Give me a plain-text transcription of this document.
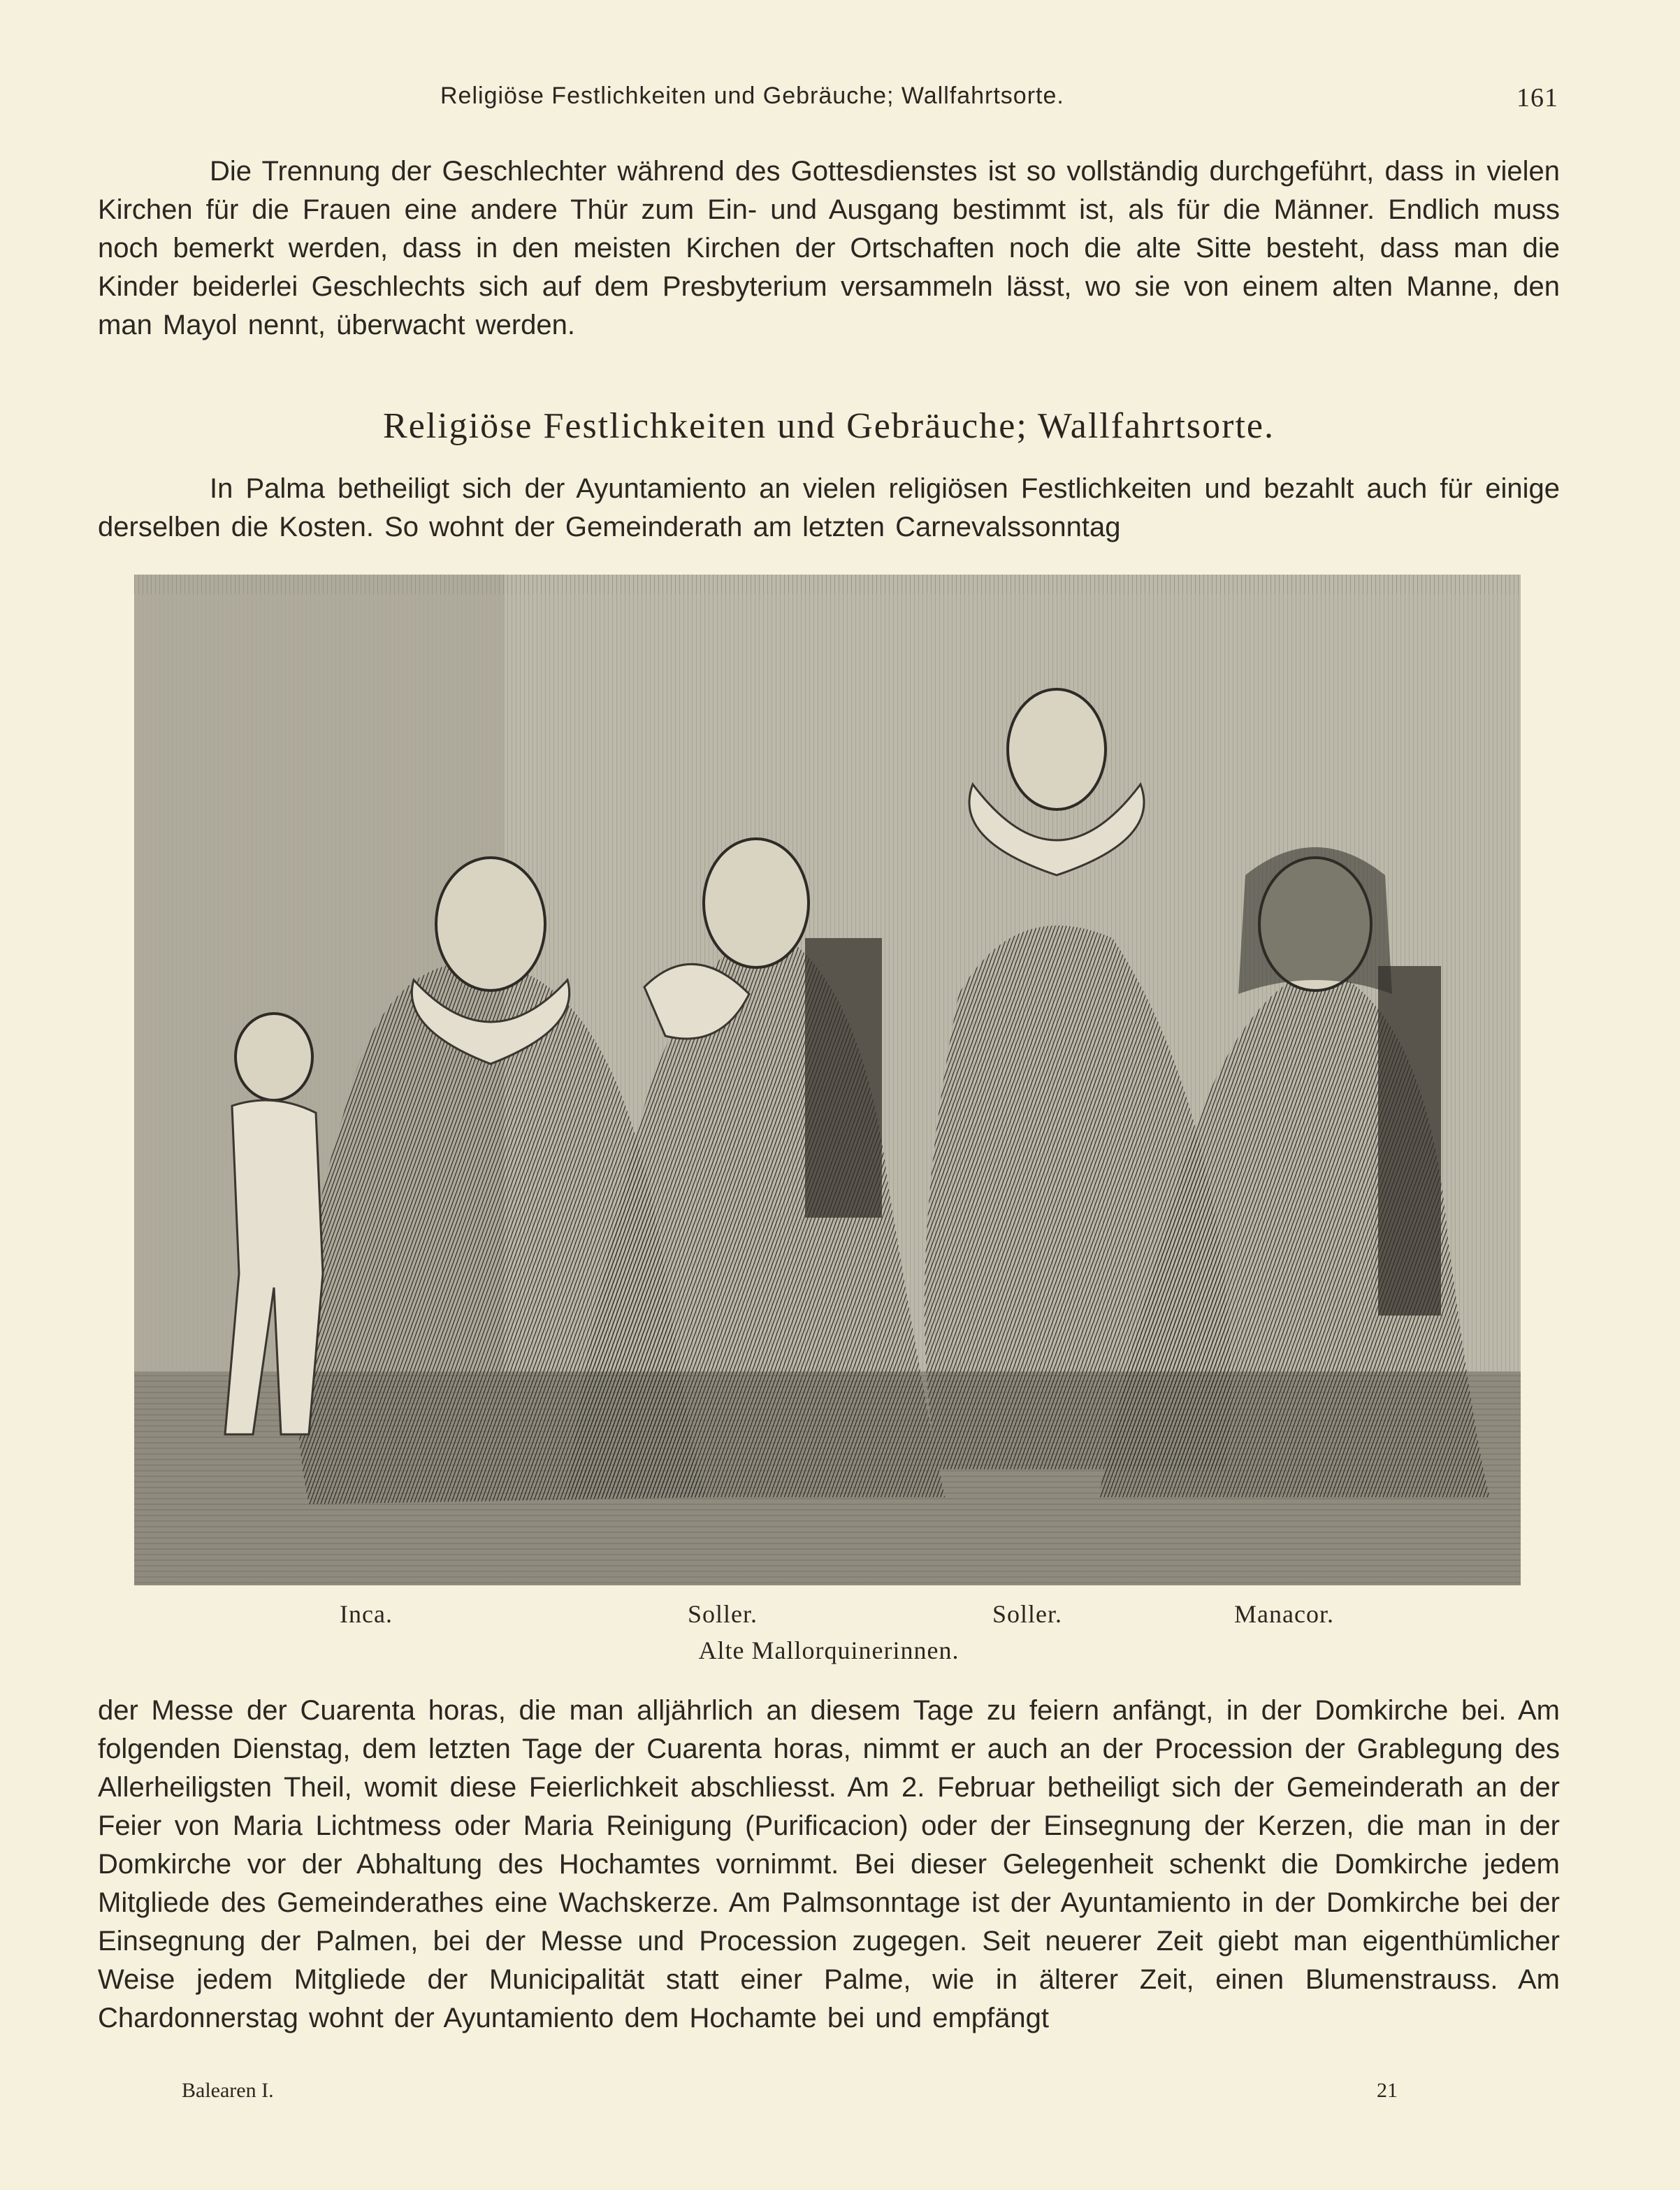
Religiöse Festlichkeiten und Gebräuche; Wallfahrtsorte.	161

Die Trennung der Geschlechter während des Gottesdienstes ist so vollständig durchgeführt, dass in vielen Kirchen für die Frauen eine andere Thür zum Ein- und Ausgang bestimmt ist, als für die Männer. Endlich muss noch bemerkt werden, dass in den meisten Kirchen der Ortschaften noch die alte Sitte besteht, dass man die Kinder beiderlei Geschlechts sich auf dem Presbyterium versammeln lässt, wo sie von einem alten Manne, den man Mayol nennt, überwacht werden.

Religiöse Festlichkeiten und Gebräuche; Wallfahrtsorte.

In Palma betheiligt sich der Ayuntamiento an vielen religiösen Festlichkeiten und bezahlt auch für einige derselben die Kosten. So wohnt der Gemeinderath am letzten Carnevalssonntag

Inca.	Soller.	Soller.	Manacor.
Alte Mallorquinerinnen.

der Messe der Cuarenta horas, die man alljährlich an diesem Tage zu feiern anfängt, in der Domkirche bei. Am folgenden Dienstag, dem letzten Tage der Cuarenta horas, nimmt er auch an der Procession der Grablegung des Allerheiligsten Theil, womit diese Feierlichkeit abschliesst. Am 2. Februar betheiligt sich der Gemeinderath an der Feier von Maria Lichtmess oder Maria Reinigung (Purificacion) oder der Einsegnung der Kerzen, die man in der Domkirche vor der Abhaltung des Hochamtes vornimmt. Bei dieser Gelegenheit schenkt die Domkirche jedem Mitgliede des Gemeinderathes eine Wachskerze. Am Palmsonntage ist der Ayuntamiento in der Domkirche bei der Einsegnung der Palmen, bei der Messe und Procession zugegen. Seit neuerer Zeit giebt man eigenthümlicher Weise jedem Mitgliede der Municipalität statt einer Palme, wie in älterer Zeit, einen Blumenstrauss. Am Chardonnerstag wohnt der Ayuntamiento dem Hochamte bei und empfängt

Balearen I.	21
